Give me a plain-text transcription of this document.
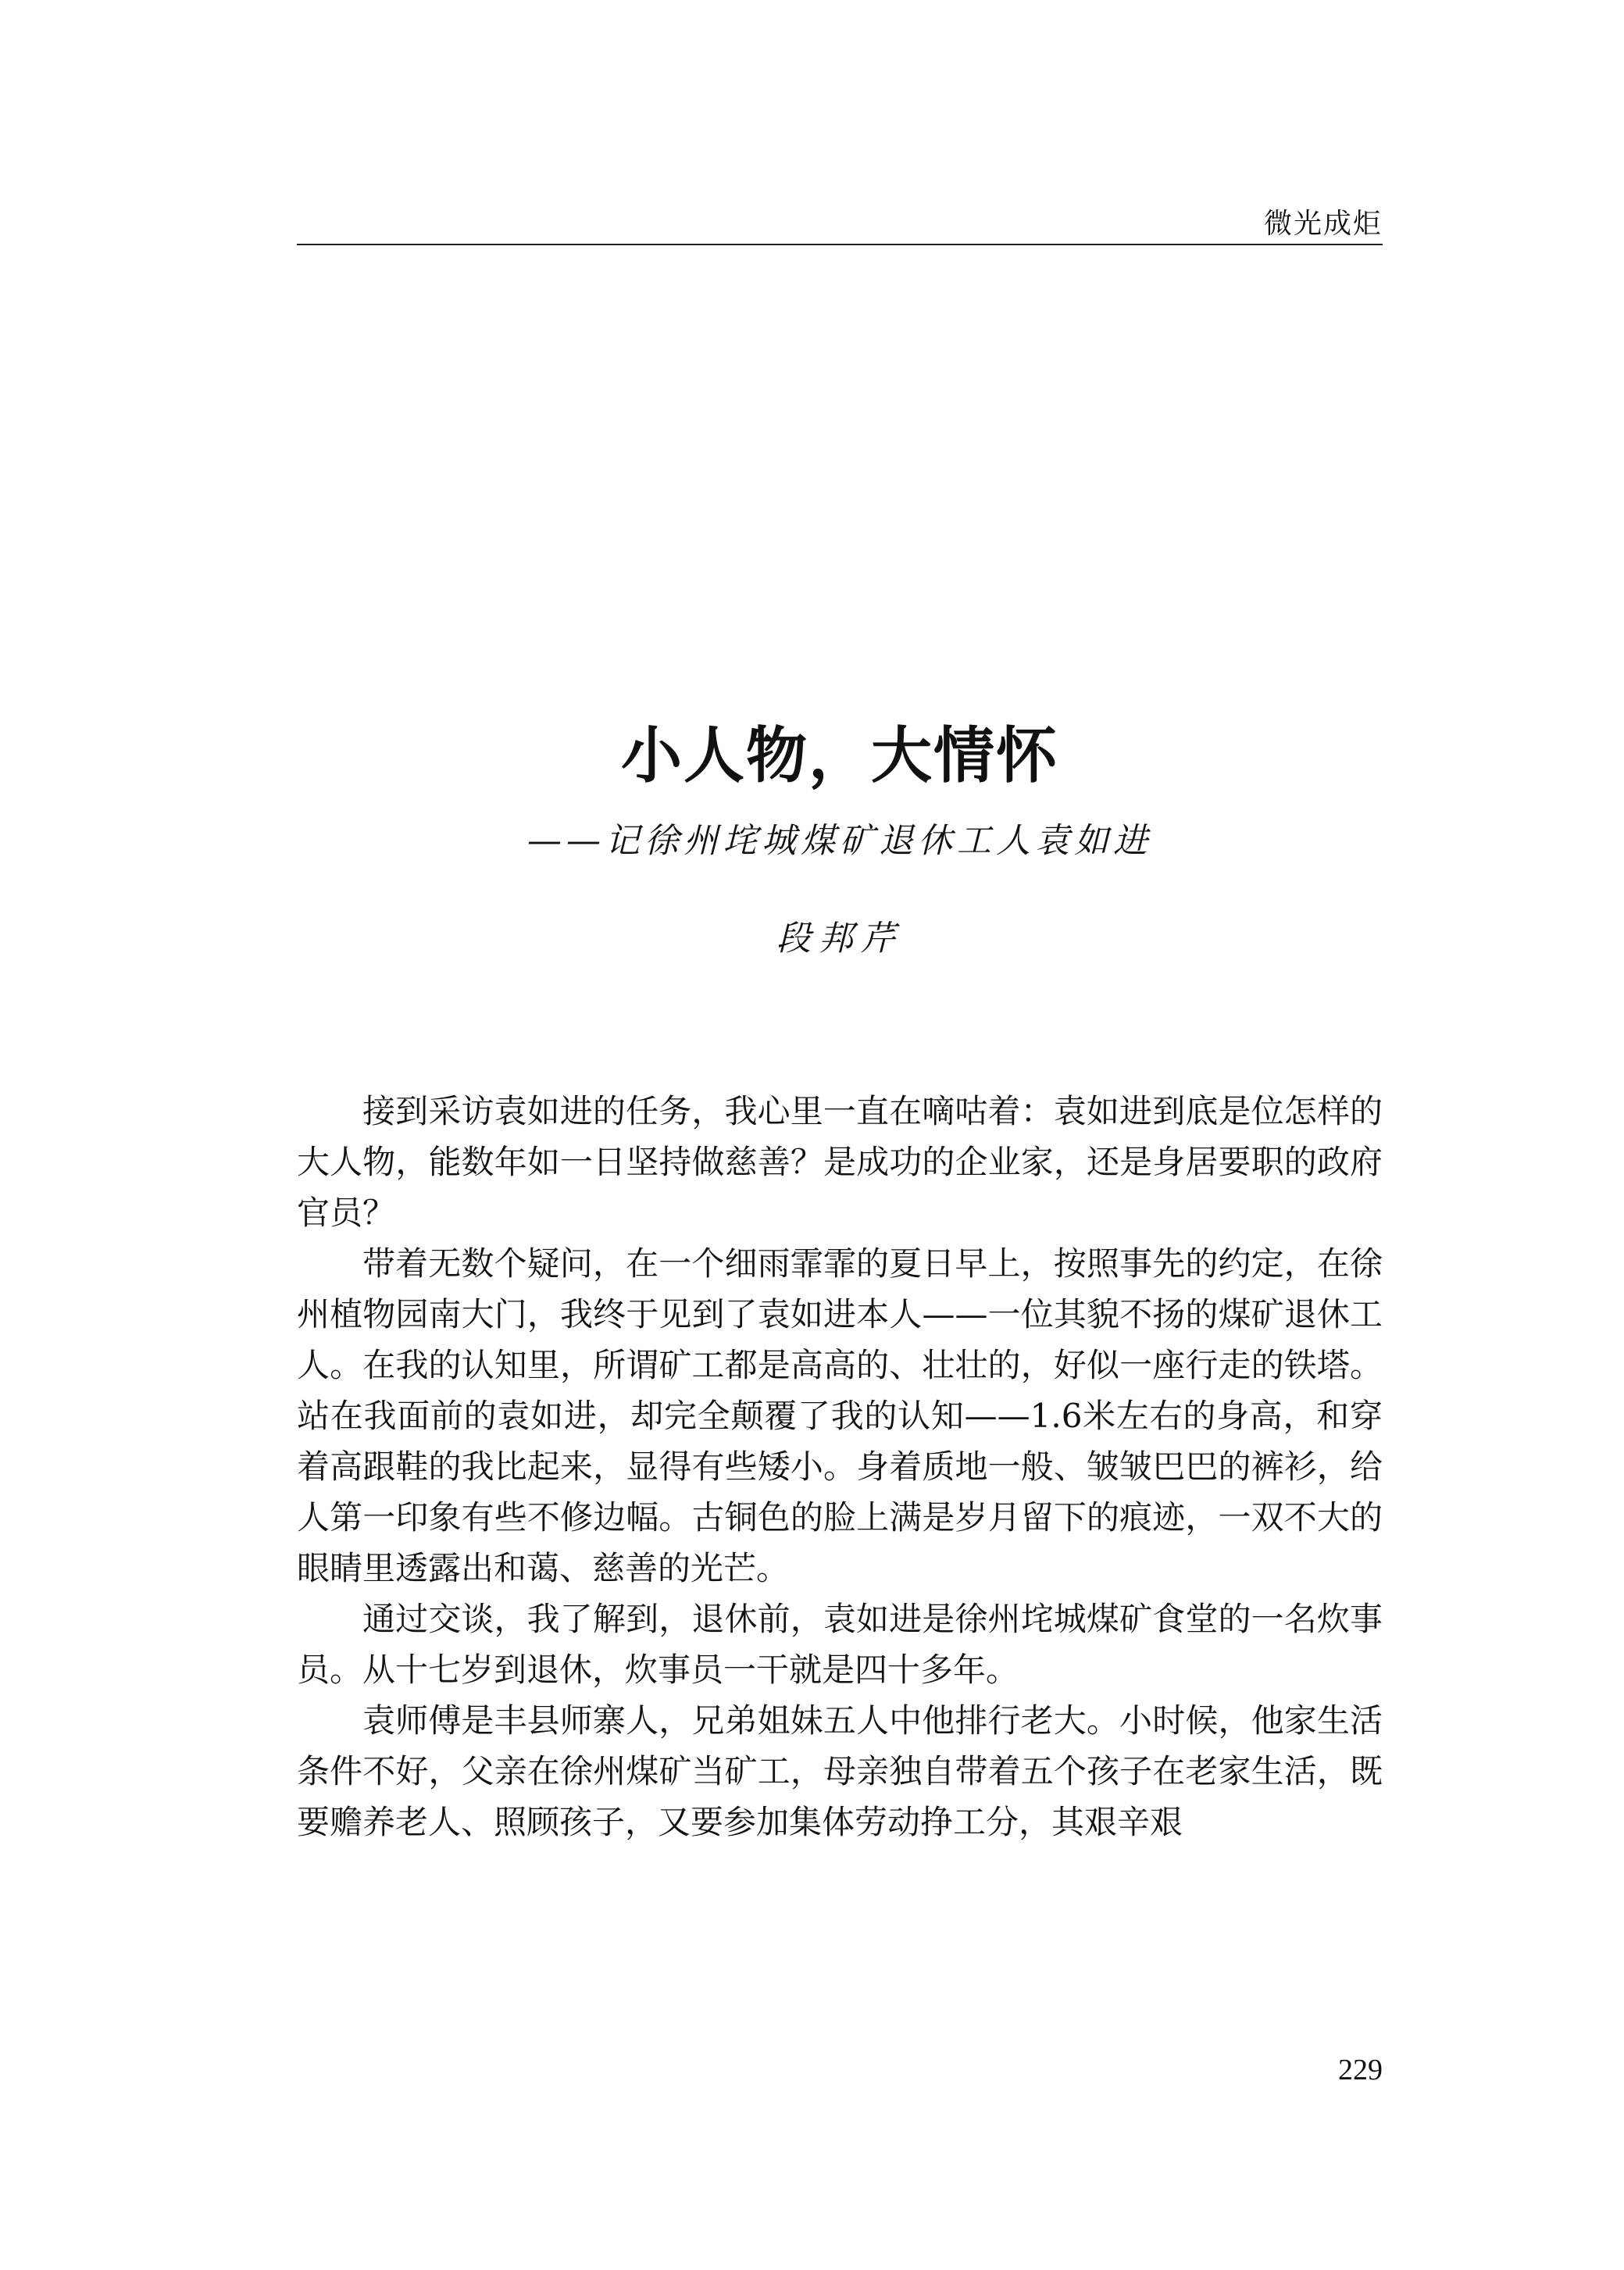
微光成炬
小人物，大情怀
——记徐州垞城煤矿退休工人袁如进
段邦芹

接到采访袁如进的任务，我心里一直在嘀咕着：袁如进到底是位怎样的大人物，能数年如一日坚持做慈善？是成功的企业家，还是身居要职的政府官员？

带着无数个疑问，在一个细雨霏霏的夏日早上，按照事先的约定，在徐州植物园南大门，我终于见到了袁如进本人——一位其貌不扬的煤矿退休工人。在我的认知里，所谓矿工都是高高的、壮壮的，好似一座行走的铁塔。站在我面前的袁如进，却完全颠覆了我的认知——1.6米左右的身高，和穿着高跟鞋的我比起来，显得有些矮小。身着质地一般、皱皱巴巴的裤衫，给人第一印象有些不修边幅。古铜色的脸上满是岁月留下的痕迹，一双不大的眼睛里透露出和蔼、慈善的光芒。

通过交谈，我了解到，退休前，袁如进是徐州垞城煤矿食堂的一名炊事员。从十七岁到退休，炊事员一干就是四十多年。

袁师傅是丰县师寨人，兄弟姐妹五人中他排行老大。小时候，他家生活条件不好，父亲在徐州煤矿当矿工，母亲独自带着五个孩子在老家生活，既要赡养老人、照顾孩子，又要参加集体劳动挣工分，其艰辛艰

229
